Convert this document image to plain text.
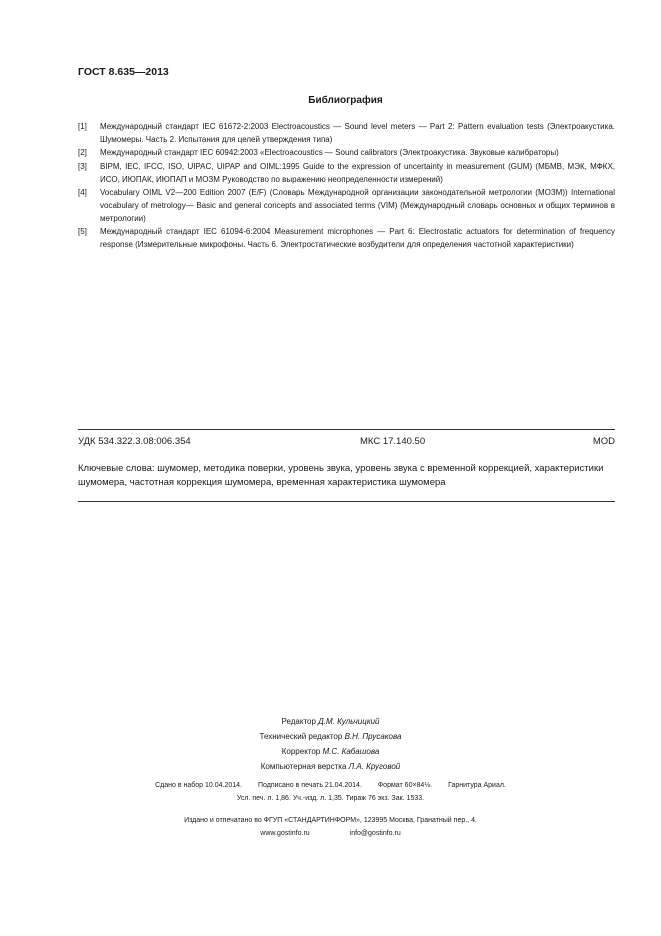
ГОСТ 8.635—2013
Библиография
[1]	Международный стандарт IEC 61672-2:2003 Electroacoustics — Sound level meters — Part 2: Pattern evaluation tests (Электроакустика. Шумомеры. Часть 2. Испытания для целей утверждения типа)
[2]	Международный стандарт IEC 60942:2003 «Electroacoustics — Sound calibrators (Электроакустика. Звуковые калибраторы)
[3]	BIPM, IEC, IFCC, ISO, UIPAC, UIPAP and OIML:1995 Guide to the expression of uncertainty in measurement (GUM) (МБМВ, МЭК, МФКХ, ИСО, ИЮПАК, ИЮПАП и МОЗМ Руководство по выражению неопределенности измерений)
[4]	Vocabulary OIML V2—200 Edition 2007 (E/F) (Словарь Международной организации законодательной метрологии (МОЗМ)) International vocabulary of metrology— Basic and general concepts and associated terms (VIM) (Международный словарь основных и общих терминов в метрологии)
[5]	Международный стандарт IEC 61094-6:2004 Measurement microphones — Part 6: Electrostatic actuators for determination of frequency response (Измерительные микрофоны. Часть 6. Электростатические возбудители для определения частотной характеристики)
УДК 534.322.3.08:006.354	МКС 17.140.50	MOD
Ключевые слова: шумомер, методика поверки, уровень звука, уровень звука с временной коррекцией, характеристики шумомера, частотная коррекция шумомера, временная характеристика шумомера
Редактор Д.М. Кульчицкий
Технический редактор В.Н. Прусакова
Корректор М.С. Кабашова
Компьютерная верстка Л.А. Круговой
Сдано в набор 10.04.2014. Подписано в печать 21.04.2014. Формат 60×84⅛. Гарнитура Ариал.
Усл. печ. л. 1,86. Уч.-изд. л. 1,35. Тираж 76 экз. Зак. 1533.
Издано и отпечатано во ФГУП «СТАНДАРТИНФОРМ», 123995 Москва, Гранатный пер., 4.
www.gostinfo.ru	info@gostinfo.ru
